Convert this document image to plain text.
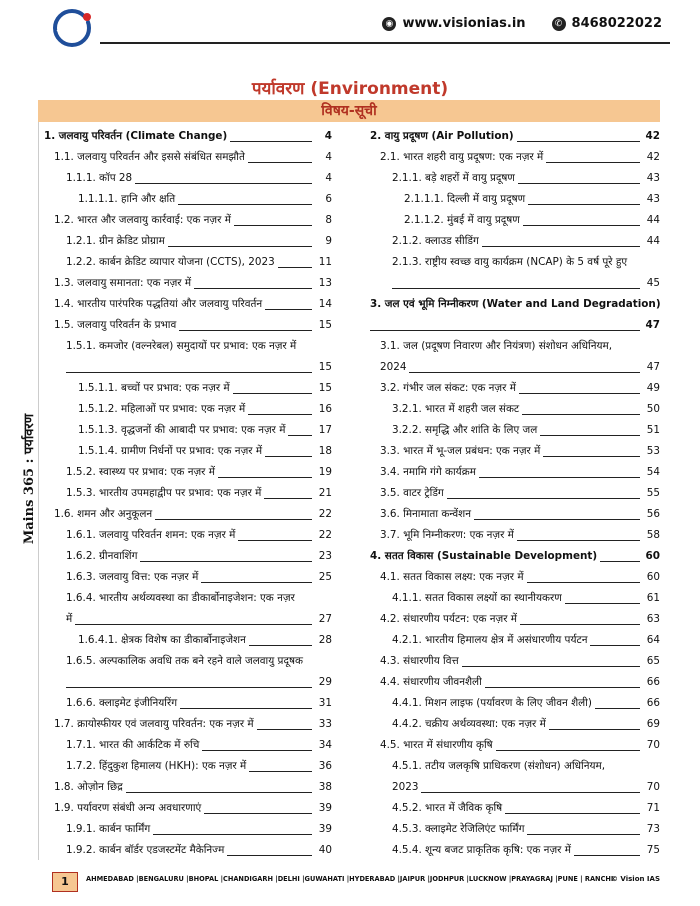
◉ www.visionias.in	✆ 8468022022
पर्यावरण (Environment)
विषय-सूची
Mains 365 : पर्यावरण
1. जलवायु परिवर्तन (Climate Change)	4
1.1. जलवायु परिवर्तन और इससे संबंधित समझौते	4
1.1.1. कॉप 28	4
1.1.1.1. हानि और क्षति	6
1.2. भारत और जलवायु कार्रवाई: एक नज़र में	8
1.2.1. ग्रीन क्रेडिट प्रोग्राम	9
1.2.2. कार्बन क्रेडिट व्यापार योजना (CCTS), 2023	11
1.3. जलवायु समानता: एक नज़र में	13
1.4. भारतीय पारंपरिक पद्धतियां और जलवायु परिवर्तन	14
1.5. जलवायु परिवर्तन के प्रभाव	15
1.5.1. कमजोर (वल्नरेबल) समुदायों पर प्रभाव: एक नज़र में
15
1.5.1.1. बच्चों पर प्रभाव: एक नज़र में	15
1.5.1.2. महिलाओं पर प्रभाव: एक नज़र में	16
1.5.1.3. वृद्धजनों की आबादी पर प्रभाव: एक नज़र में	17
1.5.1.4. ग्रामीण निर्धनों पर प्रभाव: एक नज़र में	18
1.5.2. स्वास्थ्य पर प्रभाव: एक नज़र में	19
1.5.3. भारतीय उपमहाद्वीप पर प्रभाव: एक नज़र में	21
1.6. शमन और अनुकूलन	22
1.6.1. जलवायु परिवर्तन शमन: एक नज़र में	22
1.6.2. ग्रीनवाशिंग	23
1.6.3. जलवायु वित्त: एक नज़र में	25
1.6.4. भारतीय अर्थव्यवस्था का डीकार्बोनाइजेशन: एक नज़र
में	27
1.6.4.1. क्षेत्रक विशेष का डीकार्बोनाइजेशन	28
1.6.5. अल्पकालिक अवधि तक बने रहने वाले जलवायु प्रदूषक
29
1.6.6. क्लाइमेट इंजीनियरिंग	31
1.7. क्रायोस्फीयर एवं जलवायु परिवर्तन: एक नज़र में	33
1.7.1. भारत की आर्कटिक में रुचि	34
1.7.2. हिंदुकुश हिमालय (HKH): एक नज़र में	36
1.8. ओज़ोन छिद्र	38
1.9. पर्यावरण संबंधी अन्य अवधारणाएं	39
1.9.1. कार्बन फार्मिंग	39
1.9.2. कार्बन बॉर्डर एडजस्टमेंट मैकेनिज्म	40
2. वायु प्रदूषण (Air Pollution)	42
2.1. भारत शहरी वायु प्रदूषण: एक नज़र में	42
2.1.1. बड़े शहरों में वायु प्रदूषण	43
2.1.1.1. दिल्ली में वायु प्रदूषण	43
2.1.1.2. मुंबई में वायु प्रदूषण	44
2.1.2. क्लाउड सीडिंग	44
2.1.3. राष्ट्रीय स्वच्छ वायु कार्यक्रम (NCAP) के 5 वर्ष पूरे हुए
45
3. जल एवं भूमि निम्नीकरण (Water and Land Degradation)
47
3.1. जल (प्रदूषण निवारण और नियंत्रण) संशोधन अधिनियम,
2024	47
3.2. गंभीर जल संकट: एक नज़र में	49
3.2.1. भारत में शहरी जल संकट	50
3.2.2. समृद्धि और शांति के लिए जल	51
3.3. भारत में भू-जल प्रबंधन: एक नज़र में	53
3.4. नमामि गंगे कार्यक्रम	54
3.5. वाटर ट्रेडिंग	55
3.6. मिनामाता कन्वेंशन	56
3.7. भूमि निम्नीकरण: एक नज़र में	58
4. सतत विकास (Sustainable Development)	60
4.1. सतत विकास लक्ष्य: एक नज़र में	60
4.1.1. सतत विकास लक्ष्यों का स्थानीयकरण	61
4.2. संधारणीय पर्यटन: एक नज़र में	63
4.2.1. भारतीय हिमालय क्षेत्र में असंधारणीय पर्यटन	64
4.3. संधारणीय वित्त	65
4.4. संधारणीय जीवनशैली	66
4.4.1. मिशन लाइफ (पर्यावरण के लिए जीवन शैली)	66
4.4.2. चक्रीय अर्थव्यवस्था: एक नज़र में	69
4.5. भारत में संधारणीय कृषि	70
4.5.1. तटीय जलकृषि प्राधिकरण (संशोधन) अधिनियम,
2023	70
4.5.2. भारत में जैविक कृषि	71
4.5.3. क्लाइमेट रेजिलिएंट फार्मिंग	73
4.5.4. शून्य बजट प्राकृतिक कृषि: एक नज़र में	75
1	AHMEDABAD |BENGALURU |BHOPAL |CHANDIGARH |DELHI |GUWAHATI |HYDERABAD |JAIPUR |JODHPUR |LUCKNOW |PRAYAGRAJ |PUNE | RANCHI
© Vision IAS
